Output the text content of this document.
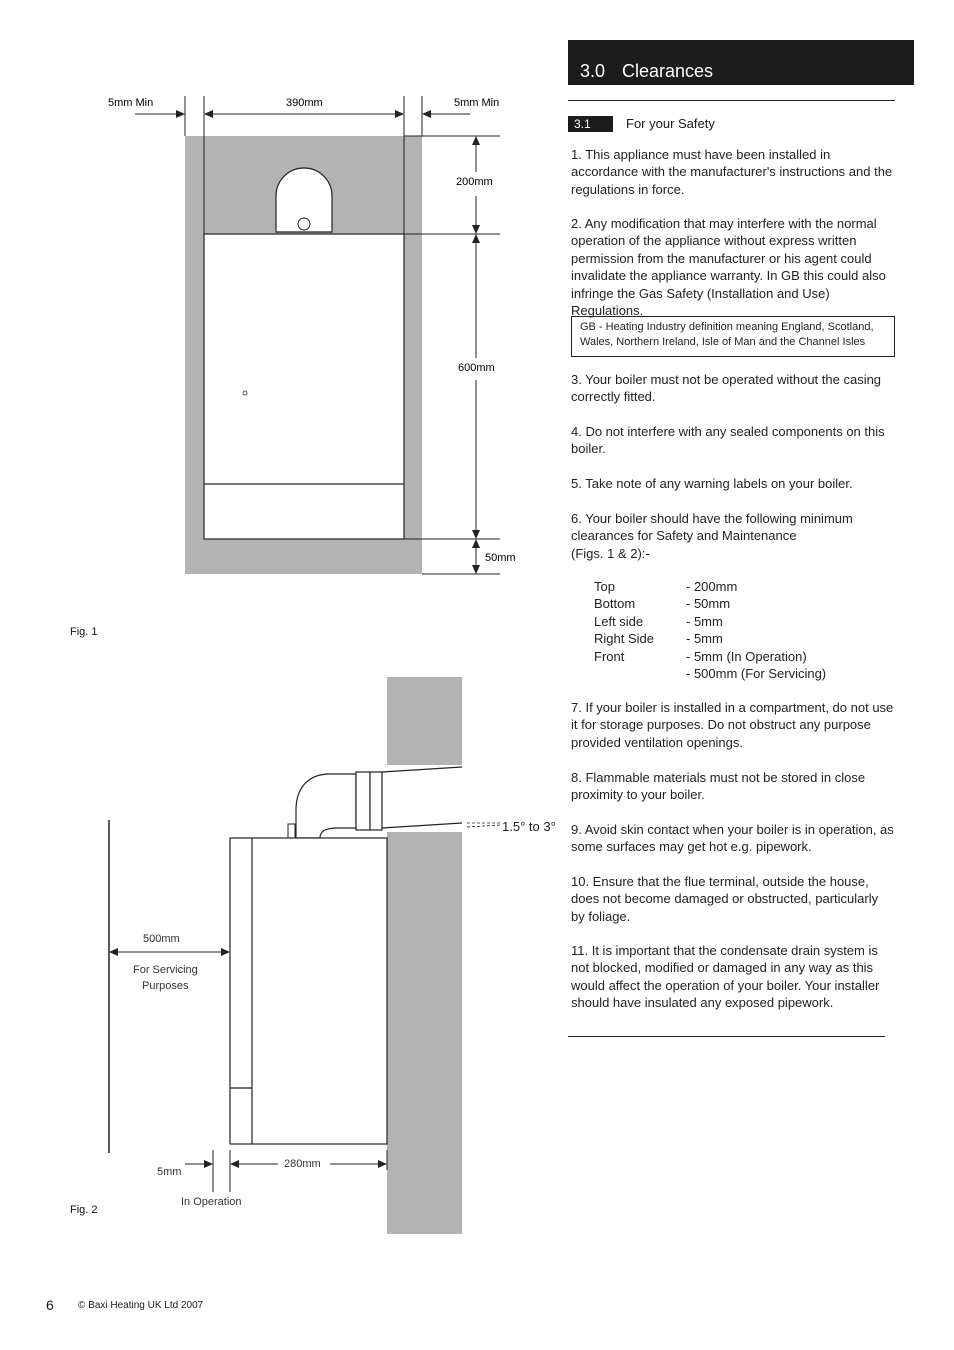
5mm Min	390mm	5mm Min
200mm
600mm
50mm
Fig. 1
1.5° to 3°
500mm
For Servicing
Purposes
5mm
In Operation
280mm
Fig. 2
3.0 Clearances
3.1	For your Safety

1. This appliance must have been installed in accordance with the manufacturer's instructions and the regulations in force.

2. Any modification that may interfere with the normal operation of the appliance without express written permission from the manufacturer or his agent could invalidate the appliance warranty. In GB this could also infringe the Gas Safety (Installation and Use) Regulations.

GB - Heating Industry definition meaning England, Scotland, Wales, Northern Ireland, Isle of Man and the Channel Isles

3. Your boiler must not be operated without the casing correctly fitted.

4. Do not interfere with any sealed components on this boiler.

5. Take note of any warning labels on your boiler.

6. Your boiler should have the following minimum clearances for Safety and Maintenance

(Figs. 1 & 2):-

Top	- 200mm
Bottom	- 50mm
Left side	- 5mm
Right Side	- 5mm
Front	- 5mm (In Operation)
- 500mm (For Servicing)

7. If your boiler is installed in a compartment, do not use it for storage purposes. Do not obstruct any purpose provided ventilation openings.

8. Flammable materials must not be stored in close proximity to your boiler.

9. Avoid skin contact when your boiler is in operation, as some surfaces may get hot e.g. pipework.

10. Ensure that the flue terminal, outside the house, does not become damaged or obstructed, particularly by foliage.

11. It is important that the condensate drain system is not blocked, modified or damaged in any way as this would affect the operation of your boiler. Your installer should have insulated any exposed pipework.

6 © Baxi Heating UK Ltd 2007
